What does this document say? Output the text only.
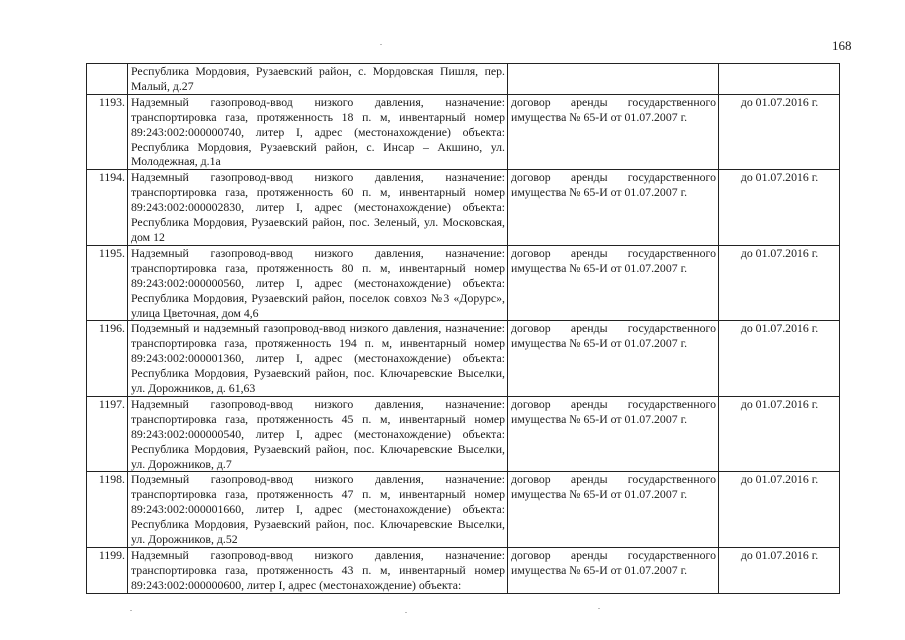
168
	Республика Мордовия, Рузаевский район, с. Мордовская Пишля, пер. Малый, д.27		
1193.	Надземный газопровод-ввод низкого давления, назначение: транспортировка газа, протяженность 18 п. м, инвентарный номер 89:243:002:000000740, литер I, адрес (местонахождение) объекта: Республика Мордовия, Рузаевский район, с. Инсар – Акшино, ул. Молодежная, д.1а	договор аренды государственного имущества № 65-И от 01.07.2007 г.	до 01.07.2016 г.
1194.	Надземный газопровод-ввод низкого давления, назначение: транспортировка газа, протяженность 60 п. м, инвентарный номер 89:243:002:000002830, литер I, адрес (местонахождение) объекта: Республика Мордовия, Рузаевский район, пос. Зеленый, ул. Московская, дом 12	договор аренды государственного имущества № 65-И от 01.07.2007 г.	до 01.07.2016 г.
1195.	Надземный газопровод-ввод низкого давления, назначение: транспортировка газа, протяженность 80 п. м, инвентарный номер 89:243:002:000000560, литер I, адрес (местонахождение) объекта: Республика Мордовия, Рузаевский район, поселок совхоз №3 «Дорурс», улица Цветочная, дом 4,6	договор аренды государственного имущества № 65-И от 01.07.2007 г.	до 01.07.2016 г.
1196.	Подземный и надземный газопровод-ввод низкого давления, назначение: транспортировка газа, протяженность 194 п. м, инвентарный номер 89:243:002:000001360, литер I, адрес (местонахождение) объекта: Республика Мордовия, Рузаевский район, пос. Ключаревские Выселки, ул. Дорожников, д. 61,63	договор аренды государственного имущества № 65-И от 01.07.2007 г.	до 01.07.2016 г.
1197.	Надземный газопровод-ввод низкого давления, назначение: транспортировка газа, протяженность 45 п. м, инвентарный номер 89:243:002:000000540, литер I, адрес (местонахождение) объекта: Республика Мордовия, Рузаевский район, пос. Ключаревские Выселки, ул. Дорожников, д.7	договор аренды государственного имущества № 65-И от 01.07.2007 г.	до 01.07.2016 г.
1198.	Подземный газопровод-ввод низкого давления, назначение: транспортировка газа, протяженность 47 п. м, инвентарный номер 89:243:002:000001660, литер I, адрес (местонахождение) объекта: Республика Мордовия, Рузаевский район, пос. Ключаревские Выселки, ул. Дорожников, д.52	договор аренды государственного имущества № 65-И от 01.07.2007 г.	до 01.07.2016 г.
1199.	Надземный газопровод-ввод низкого давления, назначение: транспортировка газа, протяженность 43 п. м, инвентарный номер 89:243:002:000000600, литер I, адрес (местонахождение) объекта:	договор аренды государственного имущества № 65-И от 01.07.2007 г.	до 01.07.2016 г.
